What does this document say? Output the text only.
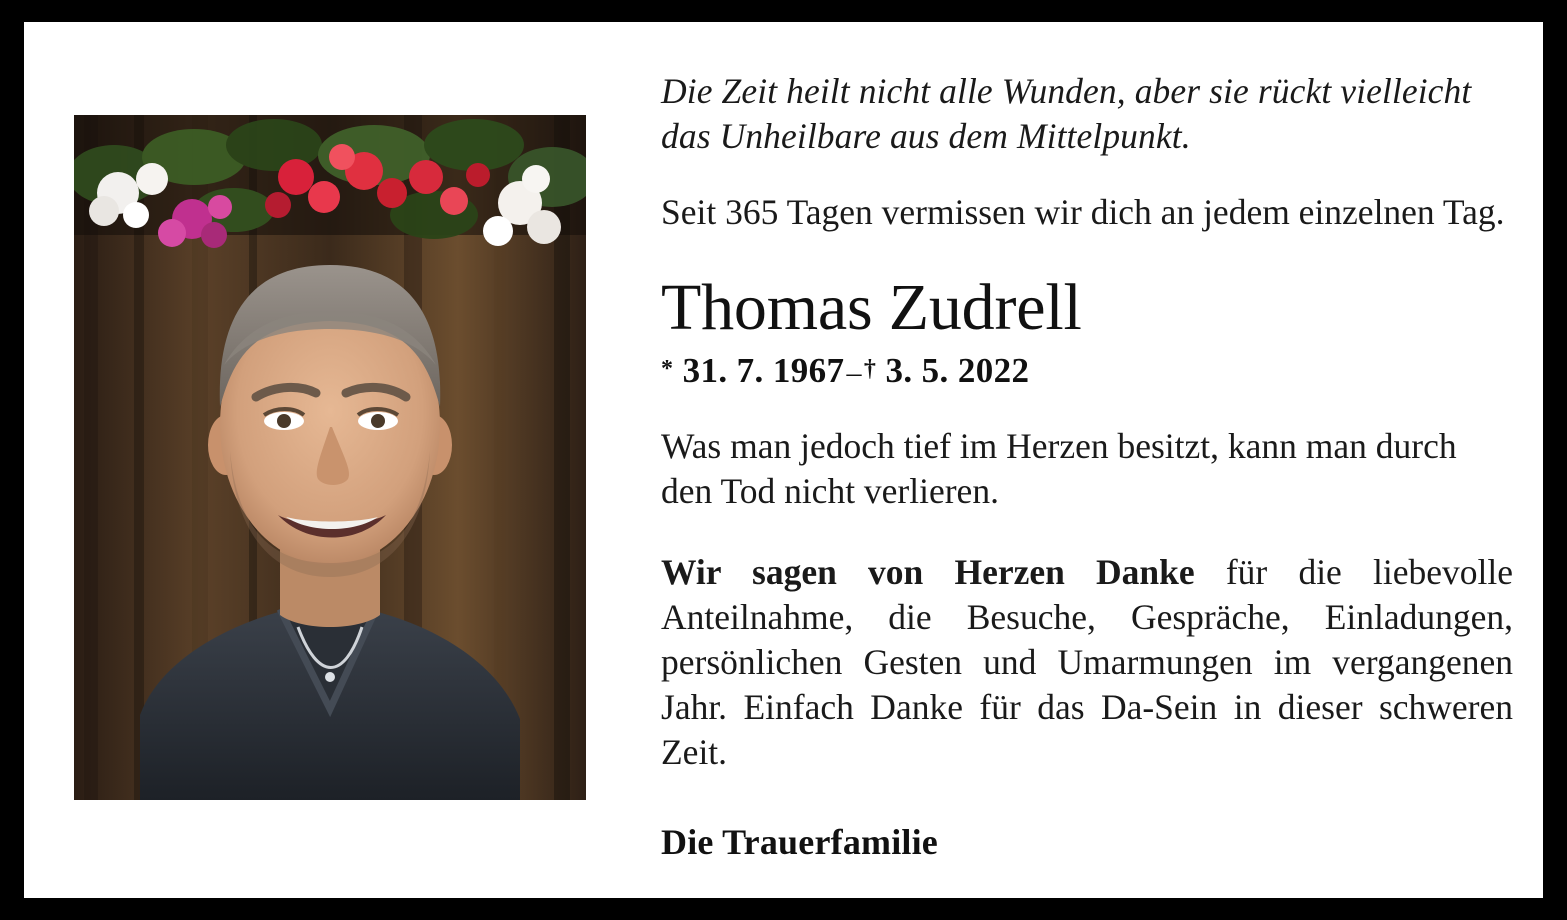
Die Zeit heilt nicht alle Wunden, aber sie rückt vielleicht das Unheilbare aus dem Mittelpunkt.
Seit 365 Tagen vermissen wir dich an jedem einzelnen Tag.
Thomas Zudrell
* 31. 7. 1967–† 3. 5. 2022
Was man jedoch tief im Herzen besitzt, kann man durch den Tod nicht verlieren.
Wir sagen von Herzen Danke für die liebevolle Anteilnahme, die Besuche, Gespräche, Einladungen, persönlichen Gesten und Umarmungen im vergangenen Jahr. Einfach Danke für das Da-Sein in dieser schweren Zeit.
Die Trauerfamilie
